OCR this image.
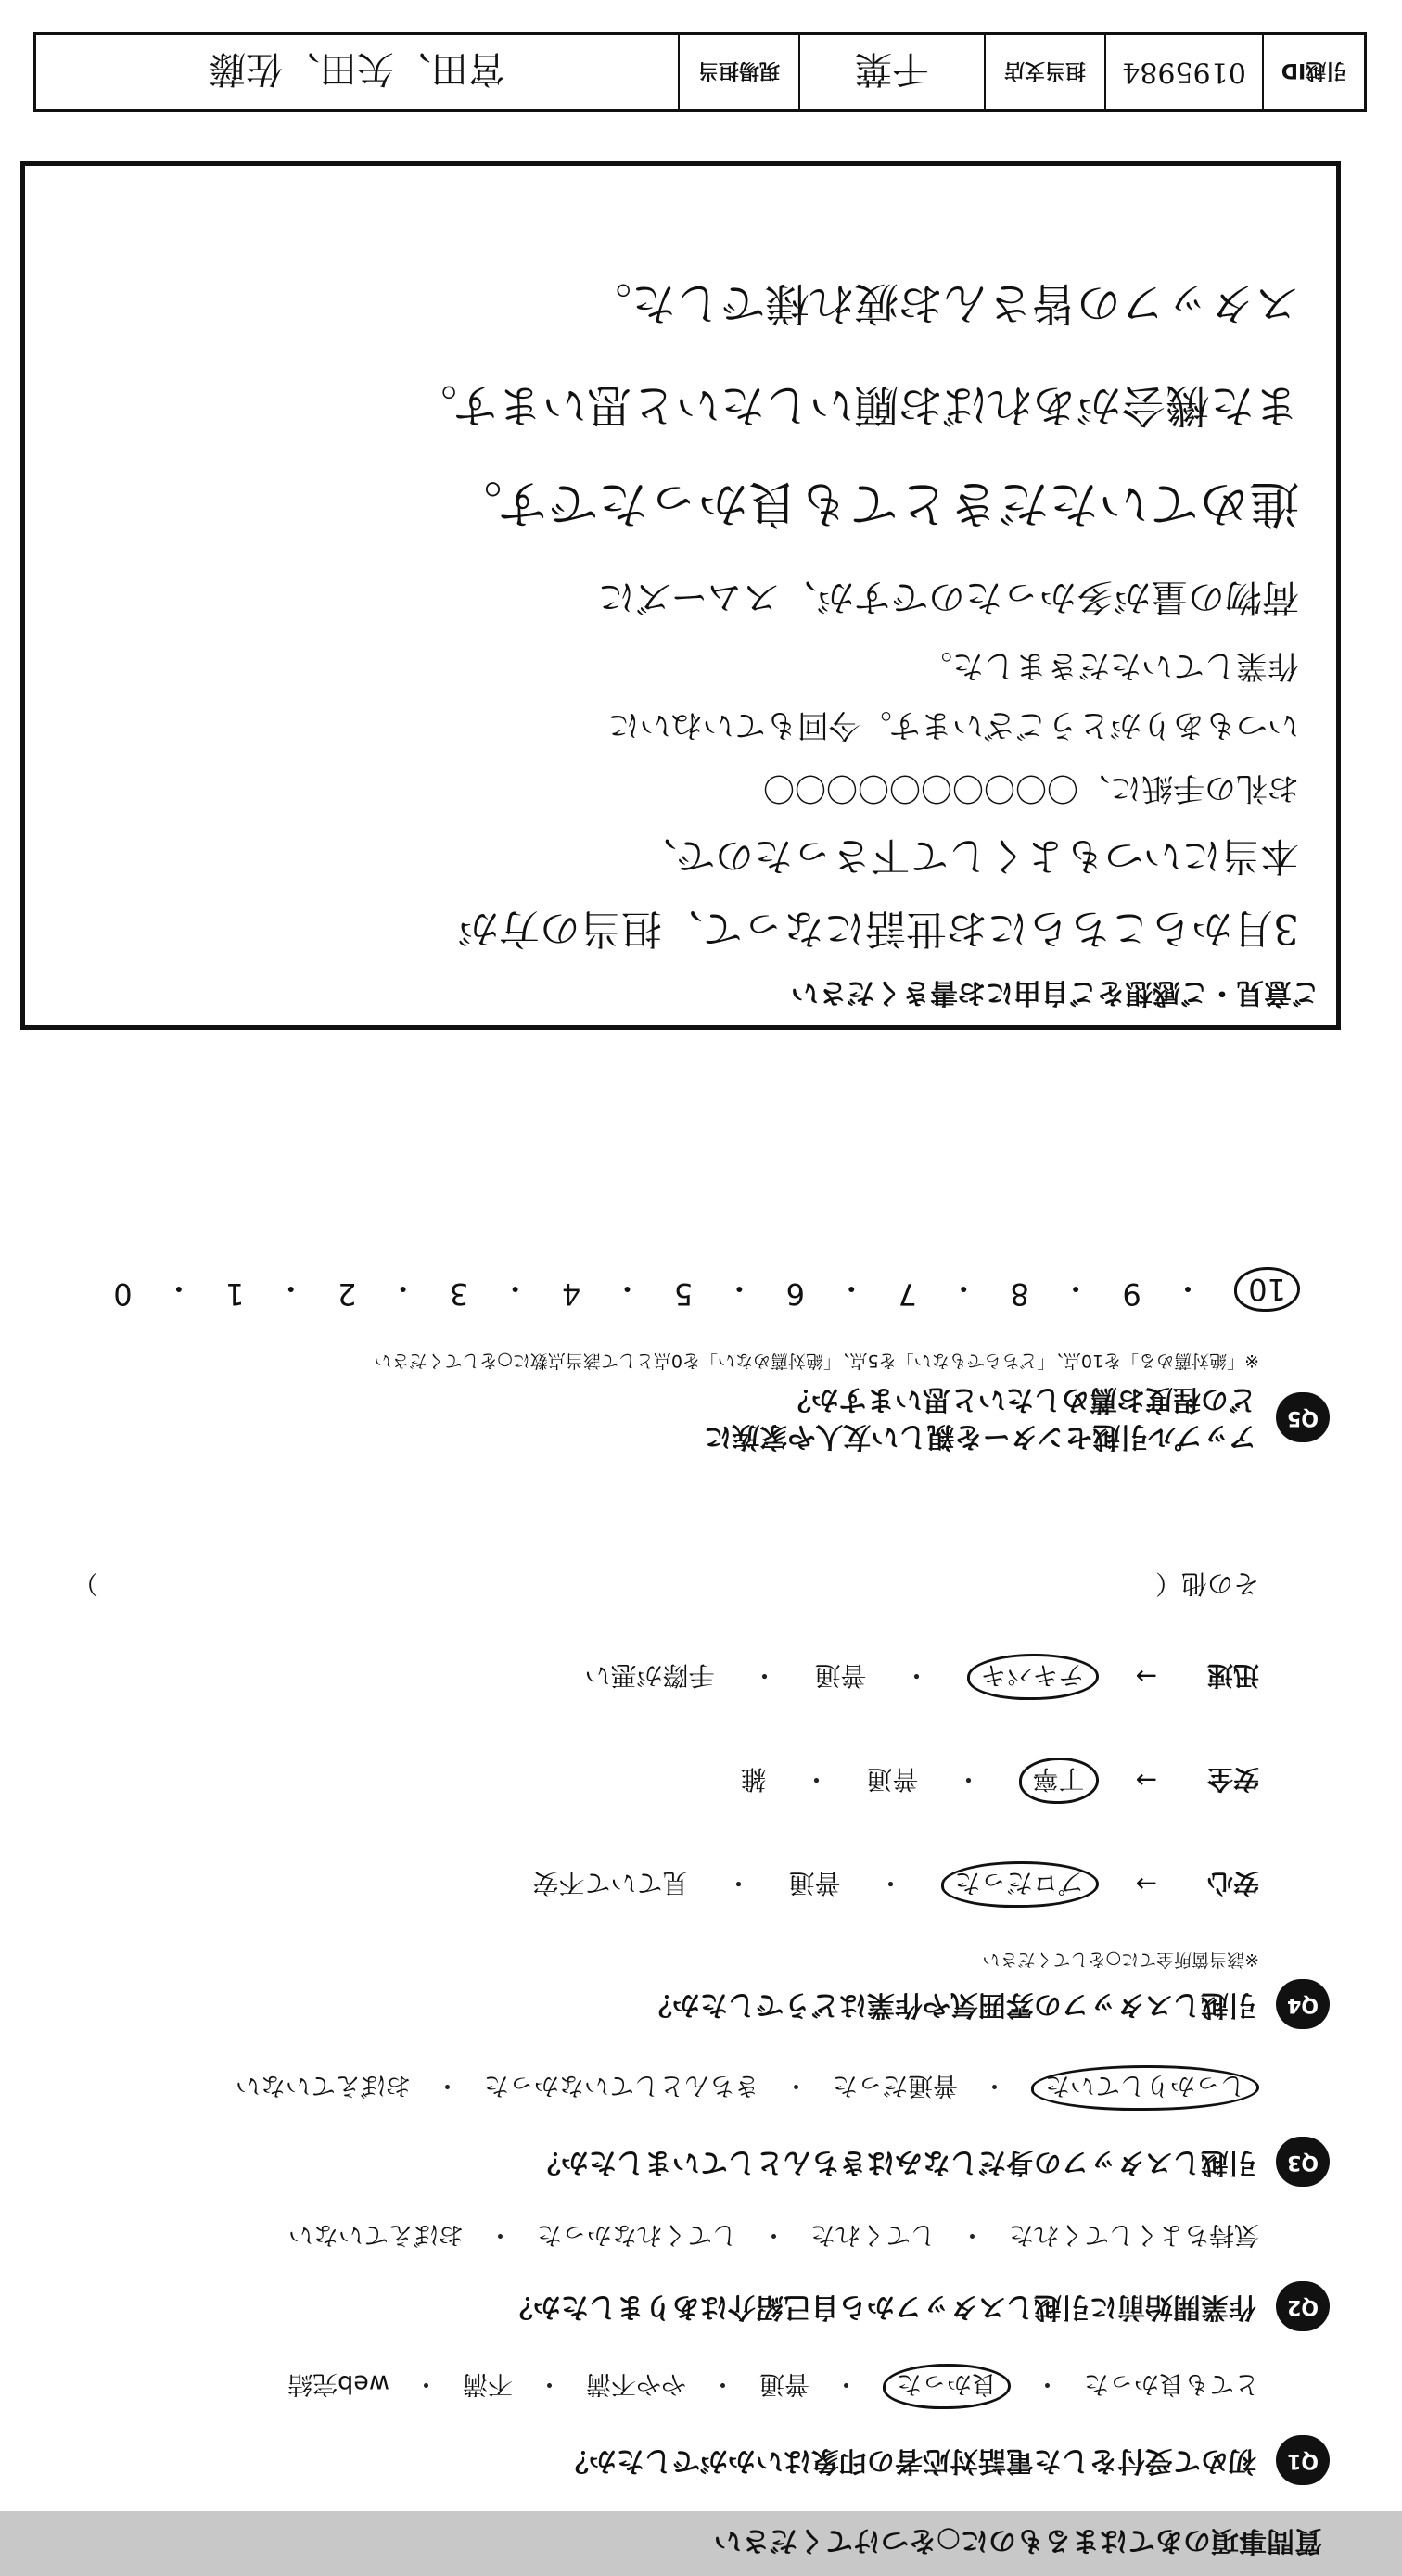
質問事項のあてはまるものに○をつけてください
Q1 初めて受付をした電話対応者の印象はいかがでしたか？
とても良かった
・
良かった
・
普通
・
やや不満
・
不満
・
web完結
Q2 作業開始前に引越しスタッフから自己紹介はありましたか？
気持ちよくしてくれた
・
してくれた
・
してくれなかった
・
おぼえていない
Q3 引越しスタッフの身だしなみはきちんとしていましたか？
しっかりしていた
・
普通だった
・
きちんとしていなかった
・
おぼえていない
Q4 引越しスタッフの雰囲気や作業はどうでしたか？
※該当箇所全てに○をしてください
安心
→
プロだった
・
普通
・
見ていて不安
安全
→
丁寧
・
普通
・
雑
迅速
→
テキパキ
・
普通
・
手際が悪い
その他（
）
Q5 アップル引越センターを親しい友人や家族に
どの程度お薦めしたいと思いますか？
※「絶対薦める」を10点、「どちらでもない」を5点、「絶対薦めない」を0点として該当点数に○をしてください
10
・
9
・
8
・
7
・
6
・
5
・
4
・
3
・
2
・
1
・
0
ご意見・ご感想をご自由にお書きください
3月からこちらにお世話になって、担当の方が
本当にいつもよくして下さったので、
お礼の手紙に、〇〇〇〇〇〇〇〇〇〇
いつもありがとうございます。今回もていねいに
作業していただきました。
荷物の量が多かったのですが、スムーズに
進めていただきとても良かったです。
また機会があればお願いしたいと思います。
スタッフの皆さんお疲れ様でした。
引越ID
0195984
担当支店
千葉
現場担当
宮田、矢田、佐藤
